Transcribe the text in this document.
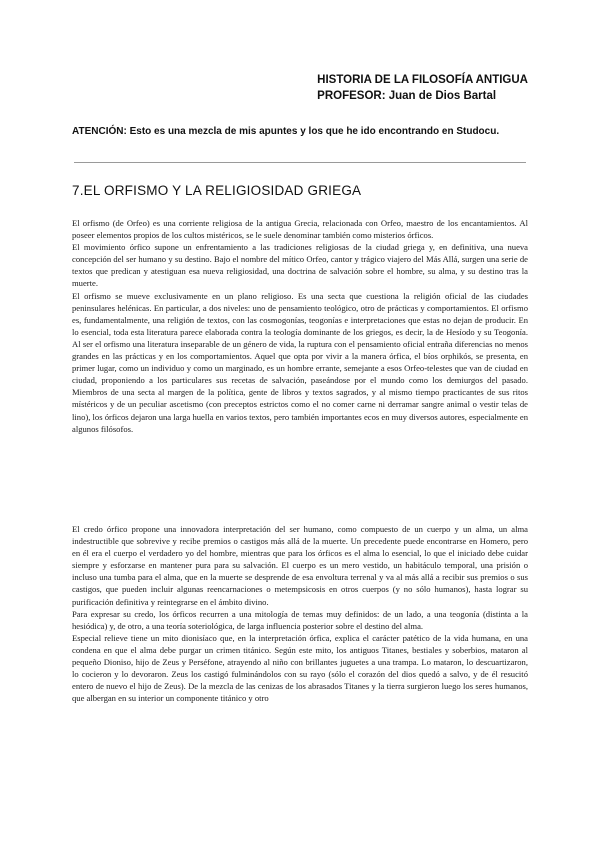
HISTORIA DE LA FILOSOFÍA ANTIGUA
PROFESOR: Juan de Dios Bartal
ATENCIÓN: Esto es una mezcla de mis apuntes y los que he ido encontrando en Studocu.
7.EL ORFISMO Y LA RELIGIOSIDAD GRIEGA

El orfismo (de Orfeo) es una corriente religiosa de la antigua Grecia, relacionada con Orfeo, maestro de los encantamientos. Al poseer elementos propios de los cultos mistéricos, se le suele denominar también como misterios órficos.

El movimiento órfico supone un enfrentamiento a las tradiciones religiosas de la ciudad griega y, en definitiva, una nueva concepción del ser humano y su destino. Bajo el nombre del mítico Orfeo, cantor y trágico viajero del Más Allá, surgen una serie de textos que predican y atestiguan esa nueva religiosidad, una doctrina de salvación sobre el hombre, su alma, y su destino tras la muerte.

El orfismo se mueve exclusivamente en un plano religioso. Es una secta que cuestiona la religión oficial de las ciudades peninsulares helénicas. En particular, a dos niveles: uno de pensamiento teológico, otro de prácticas y comportamientos. El orfismo es, fundamentalmente, una religión de textos, con las cosmogonías, teogonías e interpretaciones que estas no dejan de producir. En lo esencial, toda esta literatura parece elaborada contra la teología dominante de los griegos, es decir, la de Hesíodo y su Teogonía. Al ser el orfismo una literatura inseparable de un género de vida, la ruptura con el pensamiento oficial entraña diferencias no menos grandes en las prácticas y en los comportamientos. Aquel que opta por vivir a la manera órfica, el bíos orphikós, se presenta, en primer lugar, como un individuo y como un marginado, es un hombre errante, semejante a esos Orfeo-telestes que van de ciudad en ciudad, proponiendo a los particulares sus recetas de salvación, paseándose por el mundo como los demiurgos del pasado. Miembros de una secta al margen de la política, gente de libros y textos sagrados, y al mismo tiempo practicantes de sus ritos místéricos y de un peculiar ascetismo (con preceptos estrictos como el no comer carne ni derramar sangre animal o vestir telas de lino), los órficos dejaron una larga huella en varios textos, pero también importantes ecos en muy diversos autores, especialmente en algunos filósofos.

El credo órfico propone una innovadora interpretación del ser humano, como compuesto de un cuerpo y un alma, un alma indestructible que sobrevive y recibe premios o castigos más allá de la muerte. Un precedente puede encontrarse en Homero, pero en él era el cuerpo el verdadero yo del hombre, mientras que para los órficos es el alma lo esencial, lo que el iniciado debe cuidar siempre y esforzarse en mantener pura para su salvación. El cuerpo es un mero vestido, un habitáculo temporal, una prisión o incluso una tumba para el alma, que en la muerte se desprende de esa envoltura terrenal y va al más allá a recibir sus premios o sus castigos, que pueden incluir algunas reencarnaciones o metempsicosis en otros cuerpos (y no sólo humanos), hasta lograr su purificación definitiva y reintegrarse en el ámbito divino.

Para expresar su credo, los órficos recurren a una mitología de temas muy definidos: de un lado, a una teogonía (distinta a la hesiódica) y, de otro, a una teoría soteriológica, de larga influencia posterior sobre el destino del alma.

Especial relieve tiene un mito dionisíaco que, en la interpretación órfica, explica el carácter patético de la vida humana, en una condena en que el alma debe purgar un crimen titánico. Según este mito, los antiguos Titanes, bestiales y soberbios, mataron al pequeño Dioniso, hijo de Zeus y Perséfone, atrayendo al niño con brillantes juguetes a una trampa. Lo mataron, lo descuartizaron, lo cocieron y lo devoraron. Zeus los castigó fulminándolos con su rayo (sólo el corazón del dios quedó a salvo, y de él resucitó entero de nuevo el hijo de Zeus). De la mezcla de las cenizas de los abrasados Titanes y la tierra surgieron luego los seres humanos, que albergan en su interior un componente titánico y otro
